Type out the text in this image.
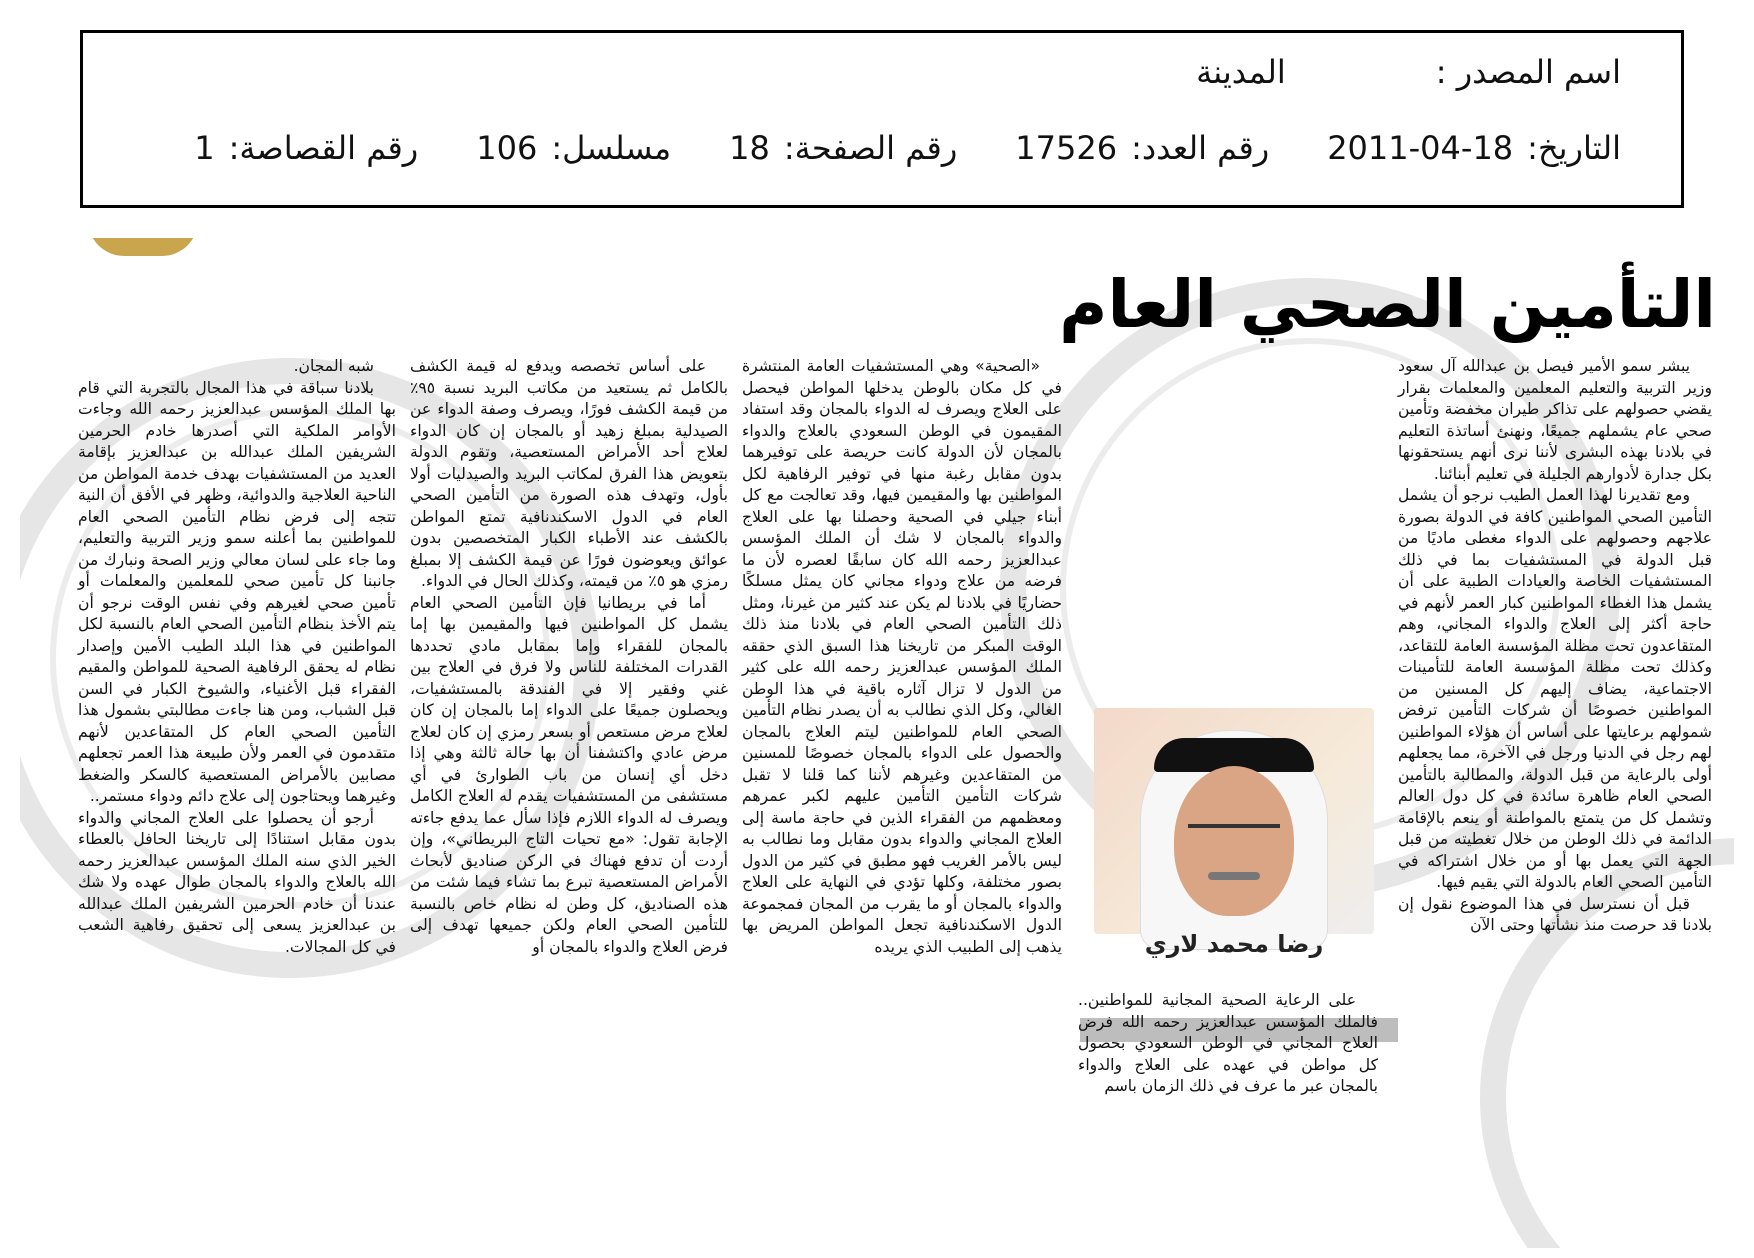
اسم المصدر :المدينة
التاريخ:2011-04-18رقم العدد:17526رقم الصفحة:18مسلسل:106رقم القصاصة:1
التأمين الصحي العام

يبشر سمو الأمير فيصل بن عبدالله آل سعود وزير التربية والتعليم المعلمين والمعلمات بقرار يقضي حصولهم على تذاكر طيران مخفضة وتأمين صحي عام يشملهم جميعًا، ونهنئ أساتذة التعليم في بلادنا بهذه البشرى لأننا نرى أنهم يستحقونها بكل جدارة لأدوارهم الجليلة في تعليم أبنائنا.

ومع تقديرنا لهذا العمل الطيب نرجو أن يشمل التأمين الصحي المواطنين كافة في الدولة بصورة علاجهم وحصولهم على الدواء مغطى ماديًا من قبل الدولة في المستشفيات بما في ذلك المستشفيات الخاصة والعيادات الطبية على أن يشمل هذا الغطاء المواطنين كبار العمر لأنهم في حاجة أكثر إلى العلاج والدواء المجاني، وهم المتقاعدون تحت مظلة المؤسسة العامة للتقاعد، وكذلك تحت مظلة المؤسسة العامة للتأمينات الاجتماعية، يضاف إليهم كل المسنين من المواطنين خصوصًا أن شركات التأمين ترفض شمولهم برعايتها على أساس أن هؤلاء المواطنين لهم رجل في الدنيا ورجل في الآخرة، مما يجعلهم أولى بالرعاية من قبل الدولة، والمطالبة بالتأمين الصحي العام ظاهرة سائدة في كل دول العالم وتشمل كل من يتمتع بالمواطنة أو ينعم بالإقامة الدائمة في ذلك الوطن من خلال تغطيته من قبل الجهة التي يعمل بها أو من خلال اشتراكه في التأمين الصحي العام بالدولة التي يقيم فيها.

قبل أن نسترسل في هذا الموضوع نقول إن بلادنا قد حرصت منذ نشأتها وحتى الآن

رضا محمد لاري

على الرعاية الصحية المجانية للمواطنين.. فالملك المؤسس عبدالعزيز رحمه الله فرض العلاج المجاني في الوطن السعودي بحصول كل مواطن في عهده على العلاج والدواء بالمجان عبر ما عرف في ذلك الزمان باسم

«الصحية» وهي المستشفيات العامة المنتشرة في كل مكان بالوطن يدخلها المواطن فيحصل على العلاج ويصرف له الدواء بالمجان وقد استفاد المقيمون في الوطن السعودي بالعلاج والدواء بالمجان لأن الدولة كانت حريصة على توفيرهما بدون مقابل رغبة منها في توفير الرفاهية لكل المواطنين بها والمقيمين فيها، وقد تعالجت مع كل أبناء جيلي في الصحية وحصلنا بها على العلاج والدواء بالمجان لا شك أن الملك المؤسس عبدالعزيز رحمه الله كان سابقًا لعصره لأن ما فرضه من علاج ودواء مجاني كان يمثل مسلكًا حضاريًا في بلادنا لم يكن عند كثير من غيرنا، ومثل ذلك التأمين الصحي العام في بلادنا منذ ذلك الوقت المبكر من تاريخنا هذا السبق الذي حققه الملك المؤسس عبدالعزيز رحمه الله على كثير من الدول لا تزال آثاره باقية في هذا الوطن الغالي، وكل الذي نطالب به أن يصدر نظام التأمين الصحي العام للمواطنين ليتم العلاج بالمجان والحصول على الدواء بالمجان خصوصًا للمسنين من المتقاعدين وغيرهم لأننا كما قلنا لا تقبل شركات التأمين التأمين عليهم لكبر عمرهم ومعظمهم من الفقراء الذين في حاجة ماسة إلى العلاج المجاني والدواء بدون مقابل وما نطالب به ليس بالأمر الغريب فهو مطبق في كثير من الدول بصور مختلفة، وكلها تؤدي في النهاية على العلاج والدواء بالمجان أو ما يقرب من المجان فمجموعة الدول الاسكندنافية تجعل المواطن المريض بها يذهب إلى الطبيب الذي يريده

على أساس تخصصه ويدفع له قيمة الكشف بالكامل ثم يستعيد من مكاتب البريد نسبة ٩٥٪ من قيمة الكشف فورًا، ويصرف وصفة الدواء عن الصيدلية بمبلغ زهيد أو بالمجان إن كان الدواء لعلاج أحد الأمراض المستعصية، وتقوم الدولة بتعويض هذا الفرق لمكاتب البريد والصيدليات أولا بأول، وتهدف هذه الصورة من التأمين الصحي العام في الدول الاسكندنافية تمتع المواطن بالكشف عند الأطباء الكبار المتخصصين بدون عوائق ويعوضون فورًا عن قيمة الكشف إلا بمبلغ رمزي هو ٥٪ من قيمته، وكذلك الحال في الدواء.

أما في بريطانيا فإن التأمين الصحي العام يشمل كل المواطنين فيها والمقيمين بها إما بالمجان للفقراء وإما بمقابل مادي تحددها القدرات المختلفة للناس ولا فرق في العلاج بين غني وفقير إلا في الفندقة بالمستشفيات، ويحصلون جميعًا على الدواء إما بالمجان إن كان لعلاج مرض مستعص أو بسعر رمزي إن كان لعلاج مرض عادي واكتشفنا أن بها حالة ثالثة وهي إذا دخل أي إنسان من باب الطوارئ في أي مستشفى من المستشفيات يقدم له العلاج الكامل ويصرف له الدواء اللازم فإذا سأل عما يدفع جاءته الإجابة تقول: «مع تحيات التاج البريطاني»، وإن أردت أن تدفع فهناك في الركن صناديق لأبحاث الأمراض المستعصية تبرع بما تشاء فيما شئت من هذه الصناديق، كل وطن له نظام خاص بالنسبة للتأمين الصحي العام ولكن جميعها تهدف إلى فرض العلاج والدواء بالمجان أو

شبه المجان.

بلادنا سباقة في هذا المجال بالتجربة التي قام بها الملك المؤسس عبدالعزيز رحمه الله وجاءت الأوامر الملكية التي أصدرها خادم الحرمين الشريفين الملك عبدالله بن عبدالعزيز بإقامة العديد من المستشفيات بهدف خدمة المواطن من الناحية العلاجية والدوائية، وظهر في الأفق أن النية تتجه إلى فرض نظام التأمين الصحي العام للمواطنين بما أعلنه سمو وزير التربية والتعليم، وما جاء على لسان معالي وزير الصحة ونبارك من جانبنا كل تأمين صحي للمعلمين والمعلمات أو تأمين صحي لغيرهم وفي نفس الوقت نرجو أن يتم الأخذ بنظام التأمين الصحي العام بالنسبة لكل المواطنين في هذا البلد الطيب الأمين وإصدار نظام له يحقق الرفاهية الصحية للمواطن والمقيم الفقراء قبل الأغنياء، والشيوخ الكبار في السن قبل الشباب، ومن هنا جاءت مطالبتي بشمول هذا التأمين الصحي العام كل المتقاعدين لأنهم متقدمون في العمر ولأن طبيعة هذا العمر تجعلهم مصابين بالأمراض المستعصية كالسكر والضغط وغيرهما ويحتاجون إلى علاج دائم ودواء مستمر..

أرجو أن يحصلوا على العلاج المجاني والدواء بدون مقابل استنادًا إلى تاريخنا الحافل بالعطاء الخير الذي سنه الملك المؤسس عبدالعزيز رحمه الله بالعلاج والدواء بالمجان طوال عهده ولا شك عندنا أن خادم الحرمين الشريفين الملك عبدالله بن عبدالعزيز يسعى إلى تحقيق رفاهية الشعب في كل المجالات.
